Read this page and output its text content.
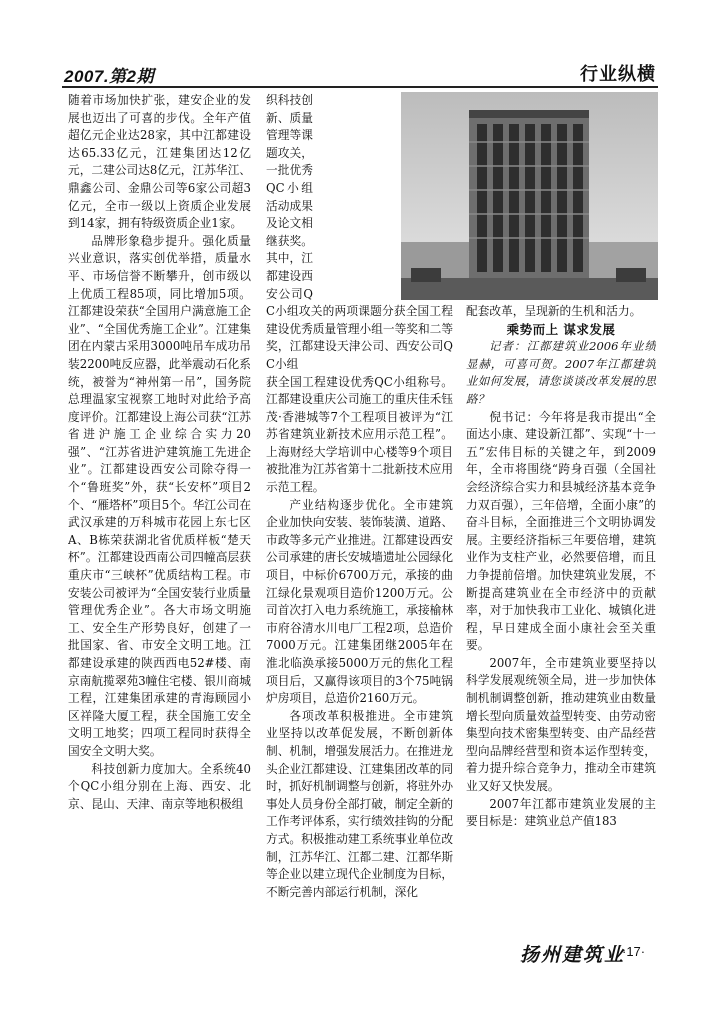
2007.第2期	行业纵横

随着市场加快扩张，建安企业的发展也迈出了可喜的步伐。全年产值超亿元企业达28家，其中江都建设达65.33亿元，江建集团达12亿元，二建公司达8亿元，江苏华江、鼎鑫公司、金鼎公司等6家公司超3亿元，全市一级以上资质企业发展到14家，拥有特级资质企业1家。

品牌形象稳步提升。强化质量兴业意识，落实创优举措，质量水平、市场信誉不断攀升，创市级以上优质工程85项，同比增加5项。江都建设荣获“全国用户满意施工企业”、“全国优秀施工企业”。江建集团在内蒙古采用3000吨吊车成功吊装2200吨反应器，此举震动石化系统，被誉为“神州第一吊”，国务院总理温家宝视察工地时对此给予高度评价。江都建设上海公司获“江苏省进沪施工企业综合实力20强”、“江苏省进沪建筑施工先进企业”。江都建设西安公司除夺得一个“鲁班奖”外，获“长安杯”项目2个、“雁塔杯”项目5个。华江公司在武汉承建的万科城市花园上东七区A、B栋荣获湖北省优质样板“楚天杯”。江都建设西南公司四幢高层获重庆市“三峡杯”优质结构工程。市安装公司被评为“全国安装行业质量管理优秀企业”。各大市场文明施工、安全生产形势良好，创建了一批国家、省、市安全文明工地。江都建设承建的陕西西电52#楼、南京南航揽翠苑3幢住宅楼、银川商城工程，江建集团承建的青海顾园小区祥隆大厦工程，获全国施工安全文明工地奖；四项工程同时获得全国安全文明大奖。

科技创新力度加大。全系统40个QC小组分别在上海、西安、北京、昆山、天津、南京等地积极组

织科技创新、质量管理等课题攻关，一批优秀QC小组活动成果及论文相继获奖。其中，江都建设西安公司QC小组攻关的两项课题分获全国工程建设优秀质量管理小组一等奖和二等奖，江都建设天津公司、西安公司QC小组

获全国工程建设优秀QC小组称号。江都建设重庆公司施工的重庆佳禾钰茂·香港城等7个工程项目被评为“江苏省建筑业新技术应用示范工程”。上海财经大学培训中心楼等9个项目被批准为江苏省第十二批新技术应用示范工程。

产业结构逐步优化。全市建筑企业加快向安装、装饰装潢、道路、市政等多元产业推进。江都建设西安公司承建的唐长安城墙遗址公园绿化项目，中标价6700万元，承接的曲江绿化景观项目造价1200万元。公司首次打入电力系统施工，承接榆林市府谷清水川电厂工程2项，总造价7000万元。江建集团继2005年在淮北临涣承接5000万元的焦化工程项目后，又赢得该项目的3个75吨锅炉房项目，总造价2160万元。

各项改革积极推进。全市建筑业坚持以改革促发展，不断创新体制、机制，增强发展活力。在推进龙头企业江都建设、江建集团改革的同时，抓好机制调整与创新，将驻外办事处人员身份全部打破，制定全新的工作考评体系，实行绩效挂钩的分配方式。积极推动建工系统事业单位改制，江苏华江、江都二建、江都华斯等企业以建立现代企业制度为目标，不断完善内部运行机制，深化

配套改革，呈现新的生机和活力。

乘势而上 谋求发展

记者：江都建筑业2006年业绩显赫，可喜可贺。2007年江都建筑业如何发展，请您谈谈改革发展的思路？

倪书记：今年将是我市提出“全面达小康、建设新江都”、实现“十一五”宏伟目标的关键之年，到2009年，全市将围绕“跨身百强（全国社会经济综合实力和县城经济基本竞争力双百强），三年倍增，全面小康”的奋斗目标，全面推进三个文明协调发展。主要经济指标三年要倍增，建筑业作为支柱产业，必然要倍增，而且力争提前倍增。加快建筑业发展，不断提高建筑业在全市经济中的贡献率，对于加快我市工业化、城镇化进程，早日建成全面小康社会至关重要。

2007年，全市建筑业要坚持以科学发展观统领全局，进一步加快体制机制调整创新，推动建筑业由数量增长型向质量效益型转变、由劳动密集型向技术密集型转变、由产品经营型向品牌经营型和资本运作型转变，着力提升综合竞争力，推动全市建筑业又好又快发展。

2007年江都市建筑业发展的主要目标是：建筑业总产值183

扬州建筑业
·17·
